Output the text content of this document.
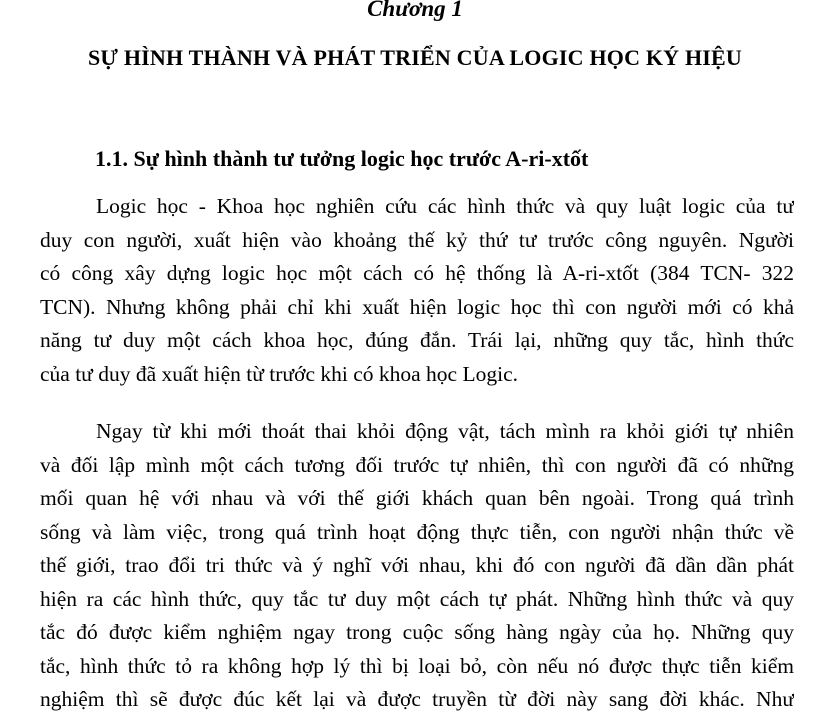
Chương 1
SỰ HÌNH THÀNH VÀ PHÁT TRIỂN CỦA LOGIC HỌC KÝ HIỆU
1.1. Sự hình thành tư tưởng logic học trước A-ri-xtốt
Logic học - Khoa học nghiên cứu các hình thức và quy luật logic của tư
duy con người, xuất hiện vào khoảng thế kỷ thứ tư trước công nguyên. Người
có công xây dựng logic học một cách có hệ thống là A-ri-xtốt (384 TCN- 322
TCN). Nhưng không phải chỉ khi xuất hiện logic học thì con người mới có khả
năng tư duy một cách khoa học, đúng đắn. Trái lại, những quy tắc, hình thức
của tư duy đã xuất hiện từ trước khi có khoa học Logic.
Ngay từ khi mới thoát thai khỏi động vật, tách mình ra khỏi giới tự nhiên
và đối lập mình một cách tương đối trước tự nhiên, thì con người đã có những
mối quan hệ với nhau và với thế giới khách quan bên ngoài. Trong quá trình
sống và làm việc, trong quá trình hoạt động thực tiễn, con người nhận thức về
thế giới, trao đổi tri thức và ý nghĩ với nhau, khi đó con người đã dần dần phát
hiện ra các hình thức, quy tắc tư duy một cách tự phát. Những hình thức và quy
tắc đó được kiểm nghiệm ngay trong cuộc sống hàng ngày của họ. Những quy
tắc, hình thức tỏ ra không hợp lý thì bị loại bỏ, còn nếu nó được thực tiễn kiểm
nghiệm thì sẽ được đúc kết lại và được truyền từ đời này sang đời khác. Như
